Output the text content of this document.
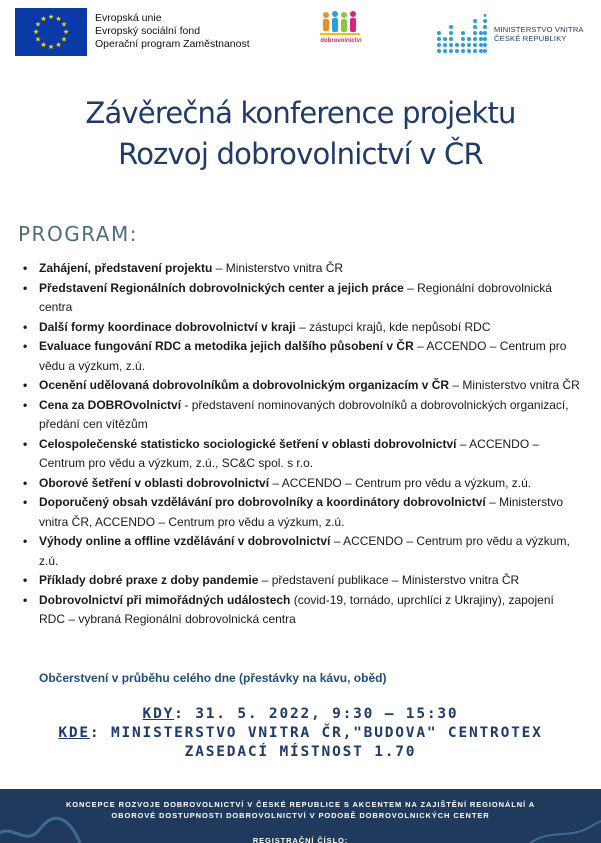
★ ★
★
★
★
★
★
★
★
★
★
★	Evropská unie
Evropský sociální fond
Operační program Zaměstnanost	dobrovolnictví
MINISTERSTVO VNITRA
ČESKÉ REPUBLIKY
Závěrečná konference projektu
Rozvoj dobrovolnictví v ČR
PROGRAM:
• Zahájení, představení projektu – Ministerstvo vnitra ČR
• Představení Regionálních dobrovolnických center a jejich práce – Regionální dobrovolnická centra
• Další formy koordinace dobrovolnictví v kraji – zástupci krajů, kde nepůsobí RDC
• Evaluace fungování RDC a metodika jejich dalšího působení v ČR – ACCENDO – Centrum pro vědu a výzkum, z.ú.
• Ocenění udělovaná dobrovolníkům a dobrovolnickým organizacím v ČR – Ministerstvo vnitra ČR
• Cena za DOBROvolnictví - představení nominovaných dobrovolníků a dobrovolnických organizací, předání cen vítězům
• Celospolečenské statisticko sociologické šetření v oblasti dobrovolnictví – ACCENDO – Centrum pro vědu a výzkum, z.ú., SC&C spol. s r.o.
• Oborové šetření v oblasti dobrovolnictví – ACCENDO – Centrum pro vědu a výzkum, z.ú.
• Doporučený obsah vzdělávání pro dobrovolníky a koordinátory dobrovolnictví – Ministerstvo vnitra ČR, ACCENDO – Centrum pro vědu a výzkum, z.ú.
• Výhody online a offline vzdělávání v dobrovolnictví – ACCENDO – Centrum pro vědu a výzkum, z.ú.
• Příklady dobré praxe z doby pandemie – představení publikace – Ministerstvo vnitra ČR
• Dobrovolnictví při mimořádných událostech (covid-19, tornádo, uprchlíci z Ukrajiny), zapojení RDC – vybraná Regionální dobrovolnická centra
Občerstvení v průběhu celého dne (přestávky na kávu, oběd)
KDY: 31. 5. 2022, 9:30 – 15:30
KDE: MINISTERSTVO VNITRA ČR,"BUDOVA" CENTROTEX
ZASEDACÍ MÍSTNOST 1.70
KONCEPCE ROZVOJE DOBROVOLNICTVÍ V ČESKÉ REPUBLICE S AKCENTEM NA ZAJIŠTĚNÍ REGIONÁLNÍ A
OBOROVÉ DOSTUPNOSTI DOBROVOLNICTVÍ V PODOBĚ DOBROVOLNICKÝCH CENTER
REGISTRAČNÍ ČÍSLO:
